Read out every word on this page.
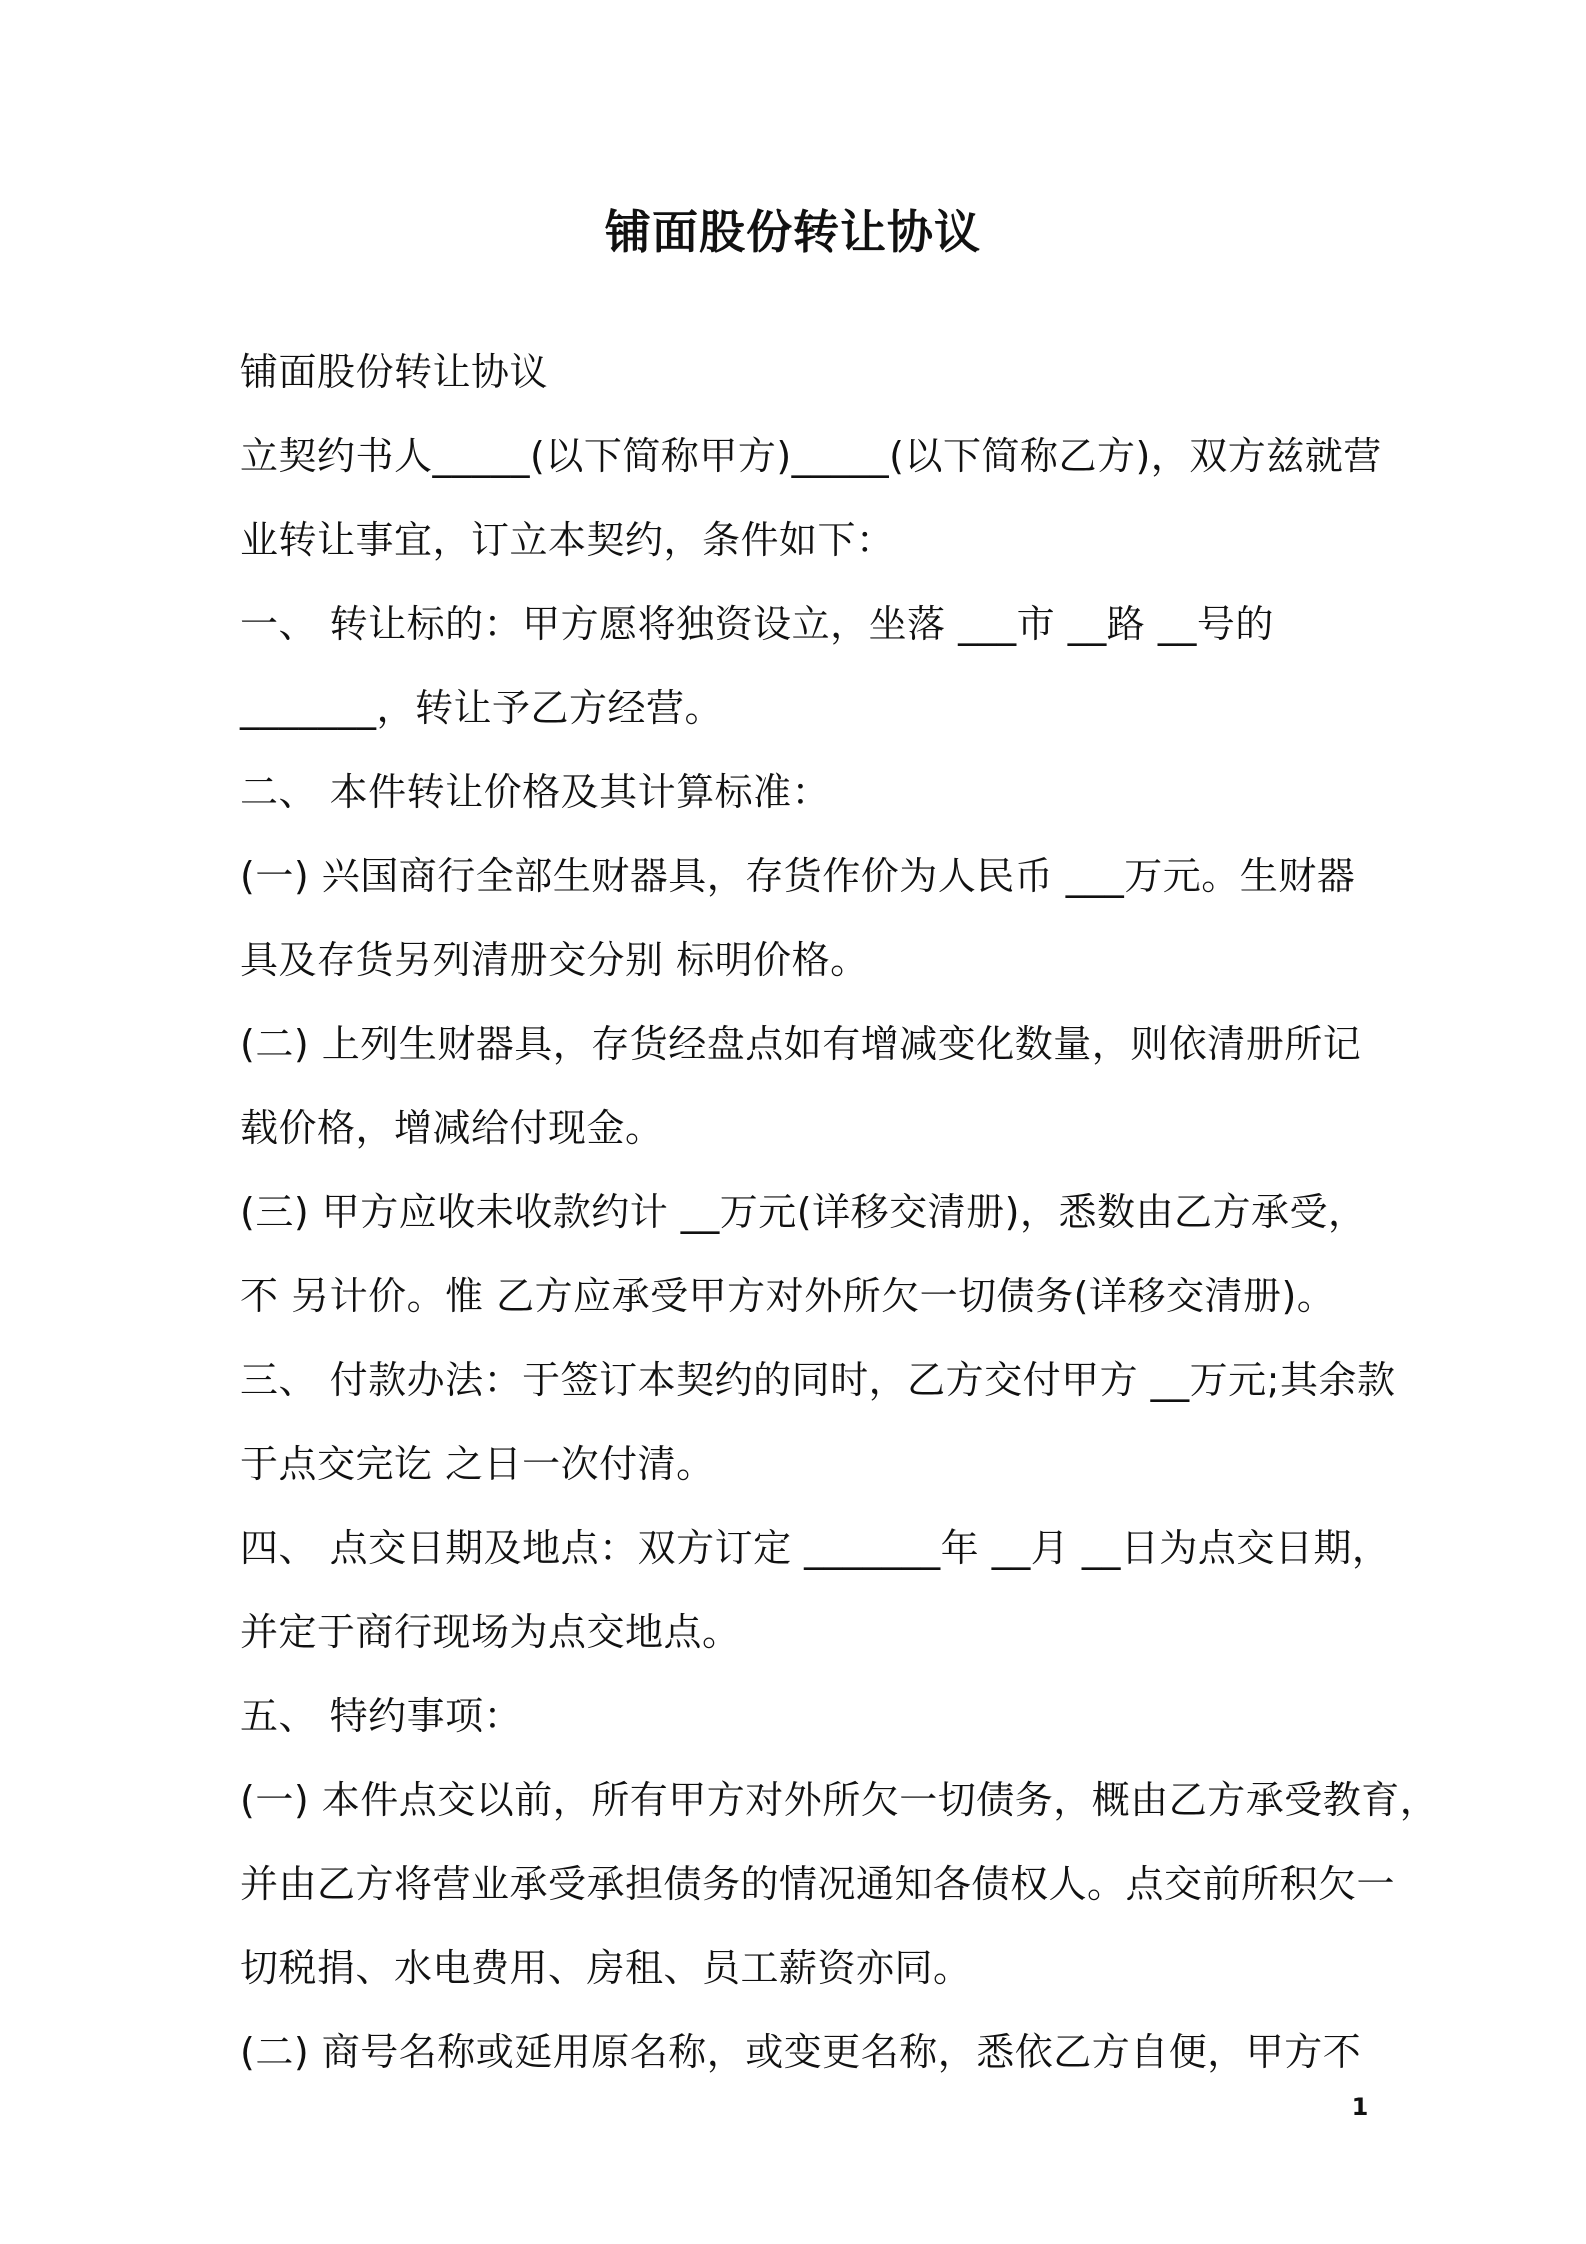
铺面股份转让协议
铺面股份转让协议
立契约书人_____(以下简称甲方)_____(以下简称乙方)，双方兹就营
业转让事宜，订立本契约，条件如下：
一、 转让标的：甲方愿将独资设立，坐落 ___市 __路 __号的
_______，转让予乙方经营。
二、 本件转让价格及其计算标准：
(一) 兴国商行全部生财器具，存货作价为人民币 ___万元。生财器
具及存货另列清册交分别 标明价格。
(二) 上列生财器具，存货经盘点如有增减变化数量，则依清册所记
载价格，增减给付现金。
(三) 甲方应收未收款约计 __万元(详移交清册)，悉数由乙方承受，
不 另计价。惟 乙方应承受甲方对外所欠一切债务(详移交清册)。
三、 付款办法：于签订本契约的同时，乙方交付甲方 __万元;其余款
于点交完讫 之日一次付清。
四、 点交日期及地点：双方订定 _______年 __月 __日为点交日期，
并定于商行现场为点交地点。
五、 特约事项：
(一) 本件点交以前，所有甲方对外所欠一切债务，概由乙方承受教育，
并由乙方将营业承受承担债务的情况通知各债权人。点交前所积欠一
切税捐、水电费用、房租、员工薪资亦同。
(二) 商号名称或延用原名称，或变更名称，悉依乙方自便，甲方不
1
